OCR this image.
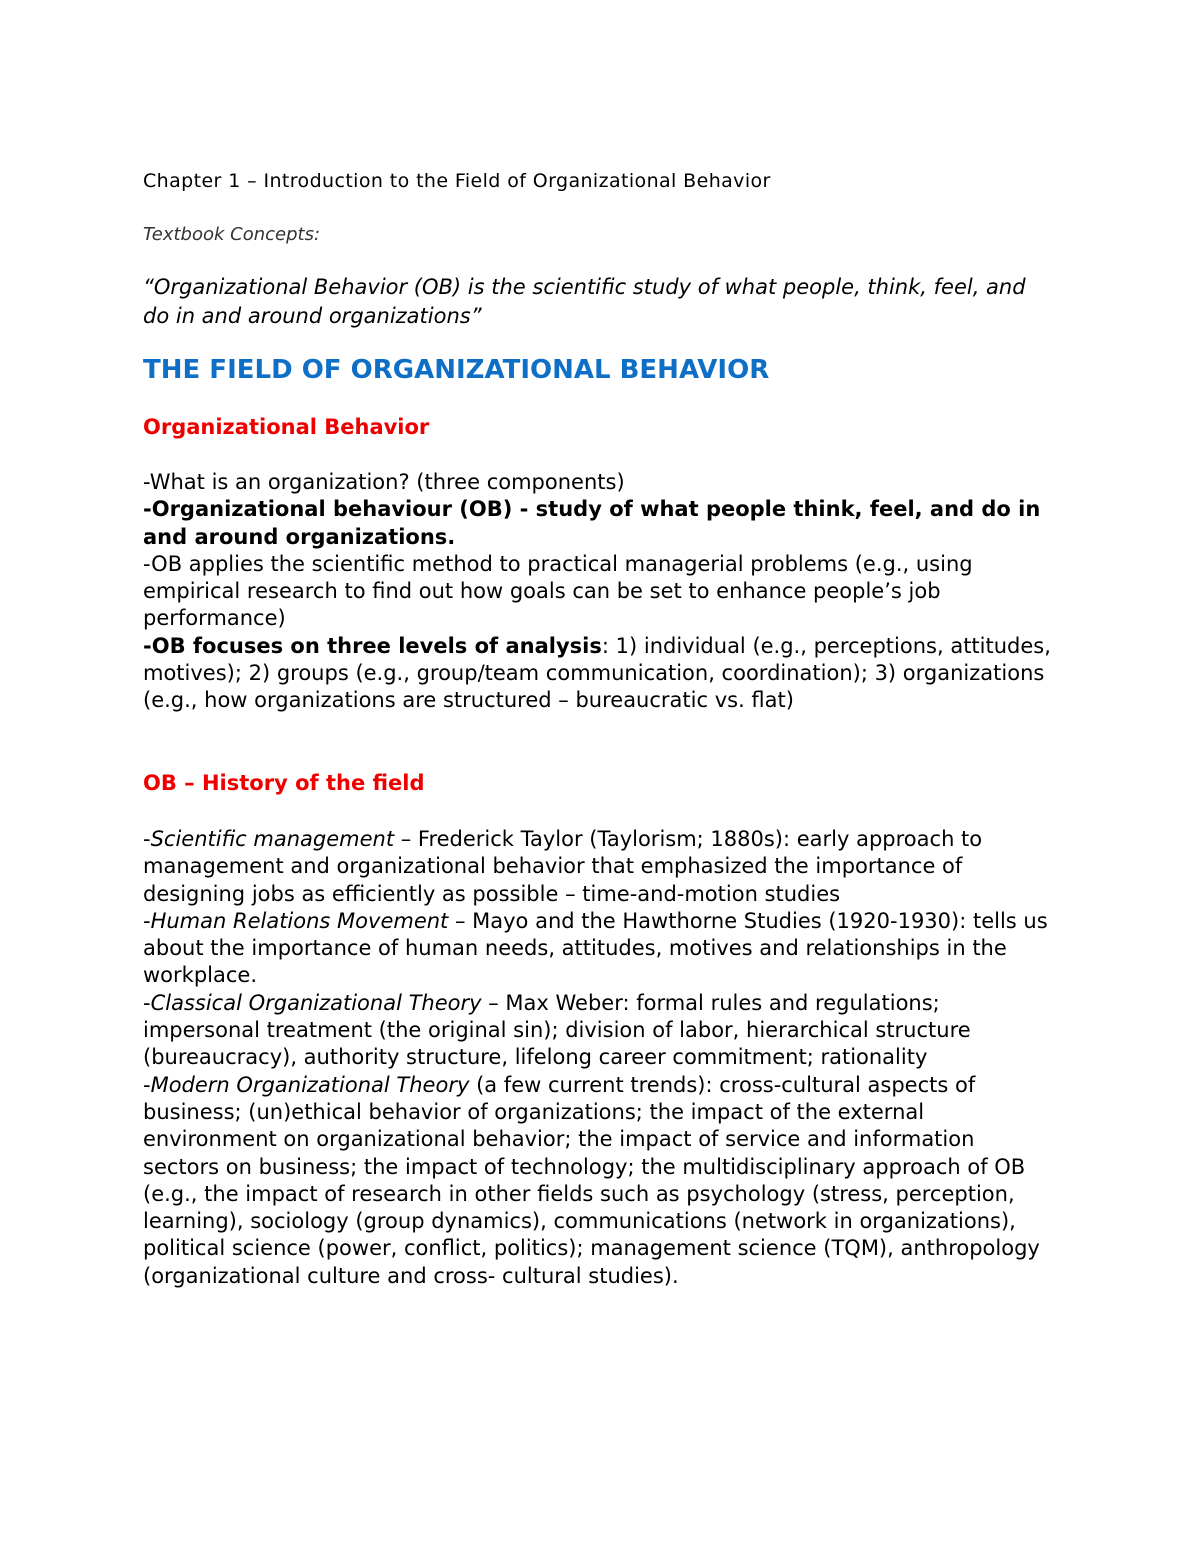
Chapter 1 – Introduction to the Field of Organizational Behavior

Textbook Concepts:

“Organizational Behavior (OB) is the scientific study of what people, think, feel, and do in and around organizations”

THE FIELD OF ORGANIZATIONAL BEHAVIOR
Organizational Behavior

-What is an organization? (three components)

-Organizational behaviour (OB) - study of what people think, feel, and do in and around organizations.

-OB applies the scientific method to practical managerial problems (e.g., using empirical research to find out how goals can be set to enhance people’s job performance)

-OB focuses on three levels of analysis: 1) individual (e.g., perceptions, attitudes, motives); 2) groups (e.g., group/team communication, coordination); 3) organizations (e.g., how organizations are structured – bureaucratic vs. flat)

OB – History of the field

-Scientific management – Frederick Taylor (Taylorism; 1880s): early approach to management and organizational behavior that emphasized the importance of designing jobs as efficiently as possible – time-and-motion studies

-Human Relations Movement – Mayo and the Hawthorne Studies (1920-1930): tells us about the importance of human needs, attitudes, motives and relationships in the workplace.

-Classical Organizational Theory – Max Weber: formal rules and regulations; impersonal treatment (the original sin); division of labor, hierarchical structure (bureaucracy), authority structure, lifelong career commitment; rationality

-Modern Organizational Theory (a few current trends): cross-cultural aspects of business; (un)ethical behavior of organizations; the impact of the external environment on organizational behavior; the impact of service and information sectors on business; the impact of technology; the multidisciplinary approach of OB (e.g., the impact of research in other fields such as psychology (stress, perception, learning), sociology (group dynamics), communications (network in organizations), political science (power, conflict, politics); management science (TQM), anthropology (organizational culture and cross- cultural studies).
